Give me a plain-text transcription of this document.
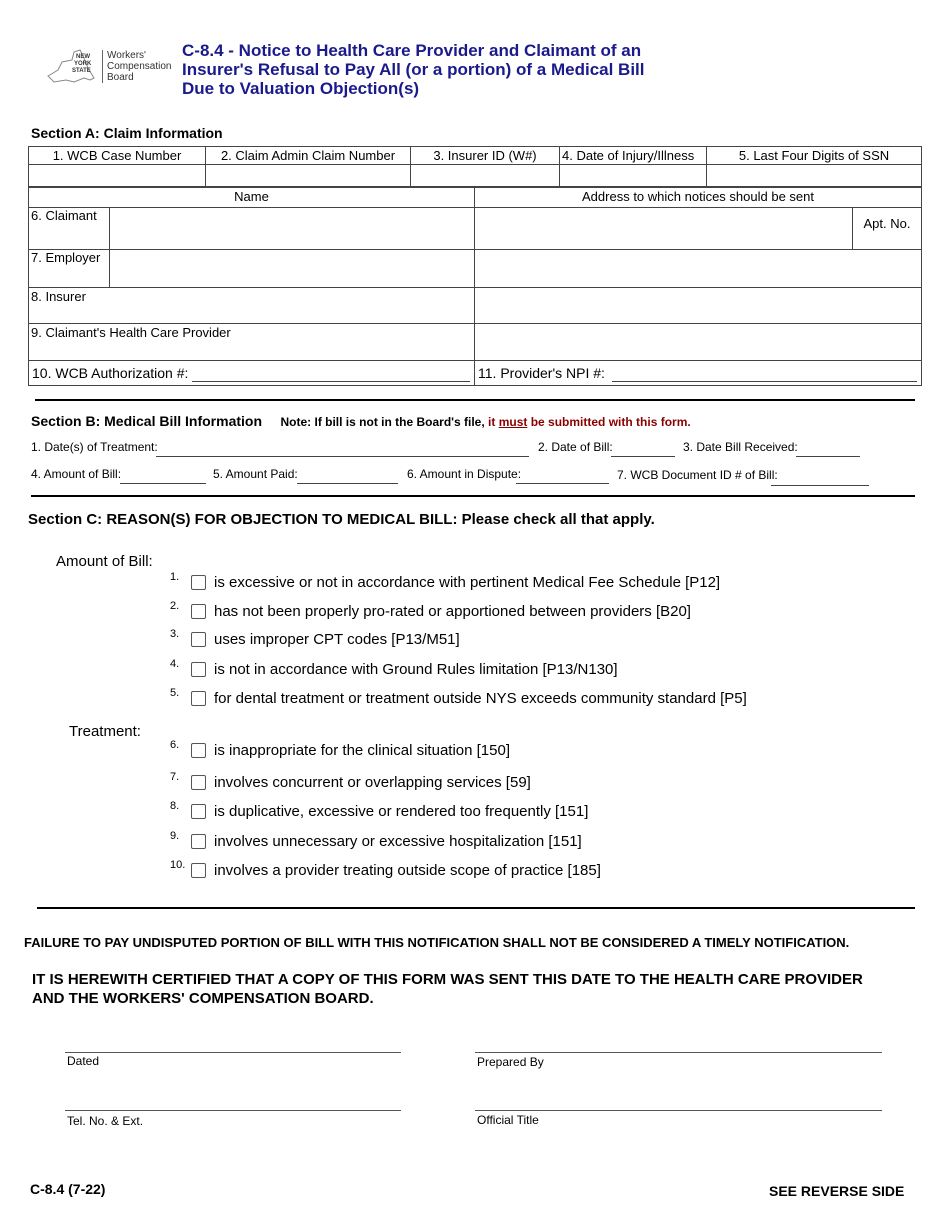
NEW
YORK
STATE
Workers'
Compensation
Board
C-8.4 - Notice to Health Care Provider and Claimant of an
Insurer's Refusal to Pay All (or a portion) of a Medical Bill
Due to Valuation Objection(s)
Section A: Claim Information
1. WCB Case Number	2. Claim Admin Claim Number	3. Insurer ID (W#)	4. Date of Injury/Illness	5. Last Four Digits of SSN
Name	Address to which notices should be sent
6. Claimant
Apt. No.
7. Employer
8. Insurer
9. Claimant's Health Care Provider
10. WCB Authorization #:	11. Provider's NPI #:
Section B: Medical Bill Information Note: If bill is not in the Board's file, it must be submitted with this form.
1. Date(s) of Treatment:	2. Date of Bill:	3. Date Bill Received:
4. Amount of Bill:	5. Amount Paid:	6. Amount in Dispute:	7. WCB Document ID # of Bill:
Section C: REASON(S) FOR OBJECTION TO MEDICAL BILL: Please check all that apply.
Amount of Bill:
Treatment:
1.	is excessive or not in accordance with pertinent Medical Fee Schedule [P12]
2.	has not been properly pro-rated or apportioned between providers [B20]
3.	uses improper CPT codes [P13/M51]
4.	is not in accordance with Ground Rules limitation [P13/N130]
5.	for dental treatment or treatment outside NYS exceeds community standard [P5]
6.	is inappropriate for the clinical situation [150]
7.	involves concurrent or overlapping services [59]
8.	is duplicative, excessive or rendered too frequently [151]
9.	involves unnecessary or excessive hospitalization [151]
10. involves a provider treating outside scope of practice [185]
FAILURE TO PAY UNDISPUTED PORTION OF BILL WITH THIS NOTIFICATION SHALL NOT BE CONSIDERED A TIMELY NOTIFICATION.
IT IS HEREWITH CERTIFIED THAT A COPY OF THIS FORM WAS SENT THIS DATE TO THE HEALTH CARE PROVIDER
AND THE WORKERS' COMPENSATION BOARD.
Dated	Prepared By
Tel. No. & Ext.	Official Title
C-8.4 (7-22)	SEE REVERSE SIDE
